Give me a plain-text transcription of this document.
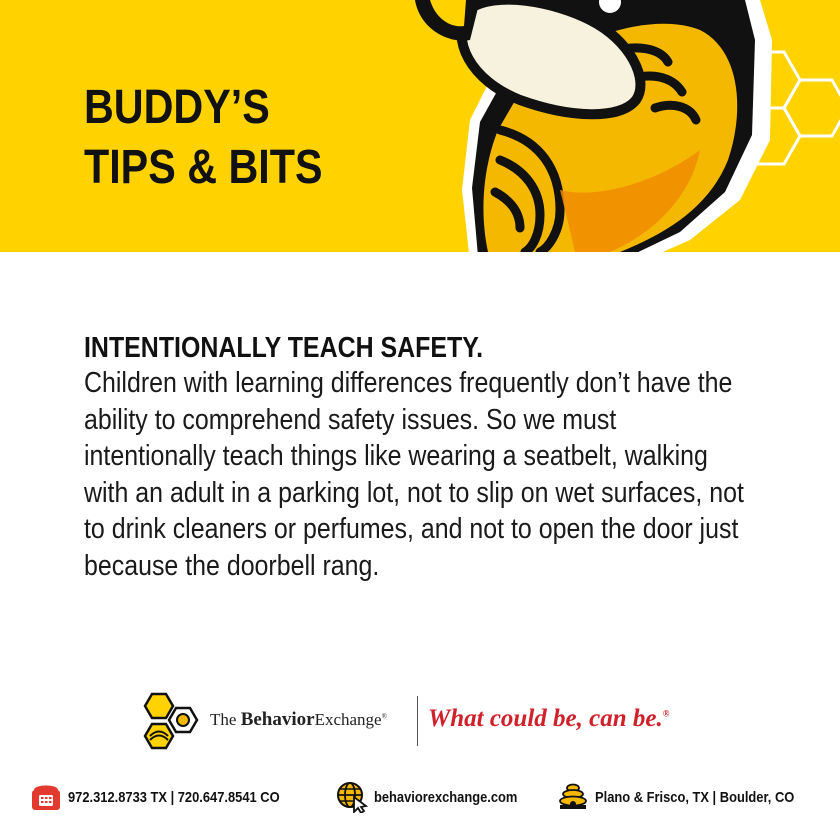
BUDDY’S
TIPS & BITS
INTENTIONALLY TEACH SAFETY.

Children with learning differences frequently don’t have the ability to comprehend safety issues. So we must intentionally teach things like wearing a seatbelt, walking with an adult in a parking lot, not to slip on wet surfaces, not to drink cleaners or perfumes, and not to open the door just because the doorbell rang.

The BehaviorExchange® What could be, can be.®
972.312.8733 TX | 720.647.8541 CO	behaviorexchange.com	Plano & Frisco, TX | Boulder, CO
